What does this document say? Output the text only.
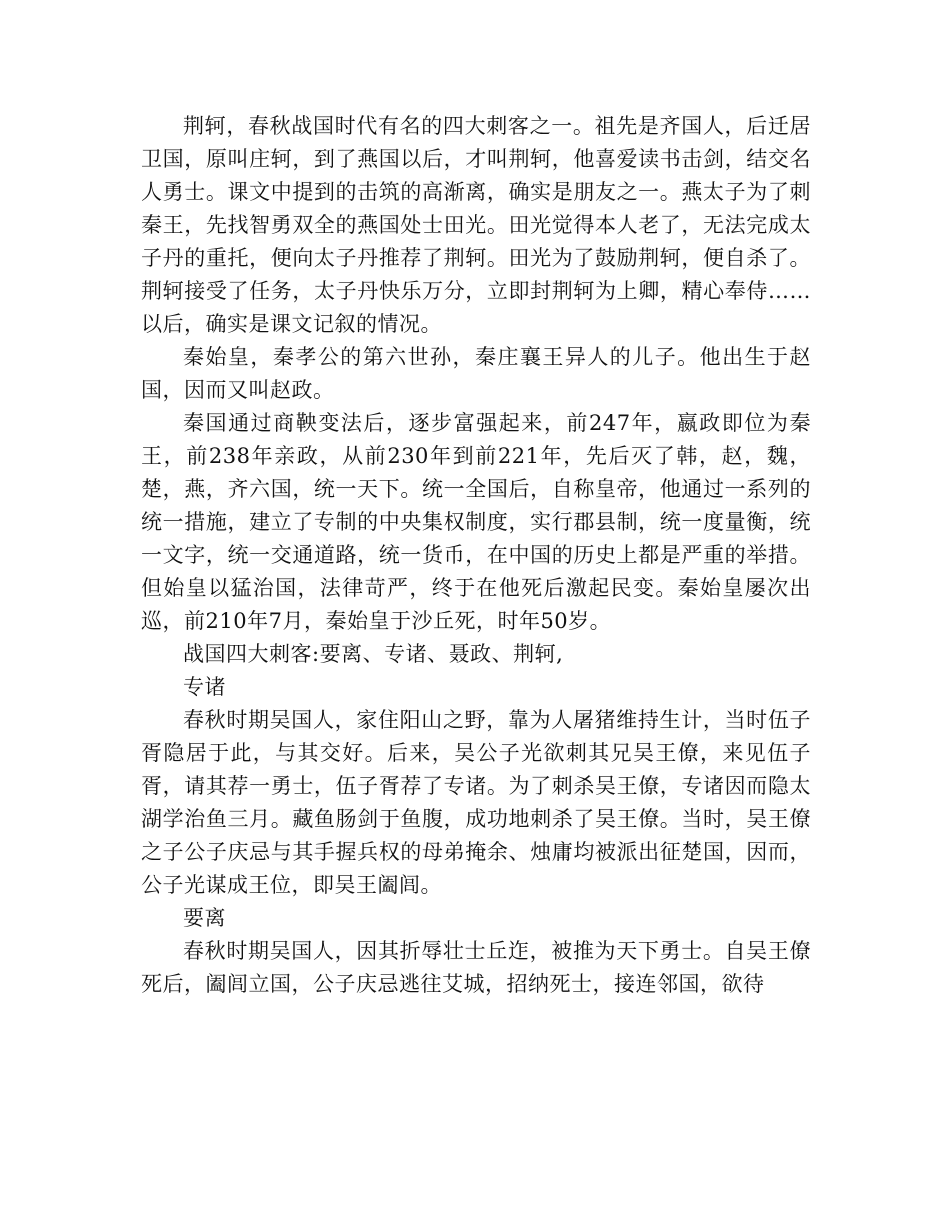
荆轲，春秋战国时代有名的四大刺客之一。祖先是齐国人，后迁居卫国，原叫庄轲，到了燕国以后，才叫荆轲，他喜爱读书击剑，结交名人勇士。课文中提到的击筑的高渐离，确实是朋友之一。燕太子为了刺秦王，先找智勇双全的燕国处士田光。田光觉得本人老了，无法完成太子丹的重托，便向太子丹推荐了荆轲。田光为了鼓励荆轲，便自杀了。荆轲接受了任务，太子丹快乐万分，立即封荆轲为上卿，精心奉侍……以后，确实是课文记叙的情况。

秦始皇，秦孝公的第六世孙，秦庄襄王异人的儿子。他出生于赵国，因而又叫赵政。

秦国通过商鞅变法后，逐步富强起来，前247年，嬴政即位为秦王，前238年亲政，从前230年到前221年，先后灭了韩，赵，魏，楚，燕，齐六国，统一天下。统一全国后，自称皇帝，他通过一系列的统一措施，建立了专制的中央集权制度，实行郡县制，统一度量衡，统一文字，统一交通道路，统一货币，在中国的历史上都是严重的举措。但始皇以猛治国，法律苛严，终于在他死后激起民变。秦始皇屡次出巡，前210年7月，秦始皇于沙丘死，时年50岁。

战国四大刺客:要离、专诸、聂政、荆轲,

专诸

春秋时期吴国人，家住阳山之野，靠为人屠猪维持生计，当时伍子胥隐居于此，与其交好。后来，吴公子光欲刺其兄吴王僚，来见伍子胥，请其荐一勇士，伍子胥荐了专诸。为了刺杀吴王僚，专诸因而隐太湖学治鱼三月。藏鱼肠剑于鱼腹，成功地刺杀了吴王僚。当时，吴王僚之子公子庆忌与其手握兵权的母弟掩余、烛庸均被派出征楚国，因而，公子光谋成王位，即吴王阖闾。

要离

春秋时期吴国人，因其折辱壮士丘迮，被推为天下勇士。自吴王僚死后，阖闾立国，公子庆忌逃往艾城，招纳死士，接连邻国，欲待
